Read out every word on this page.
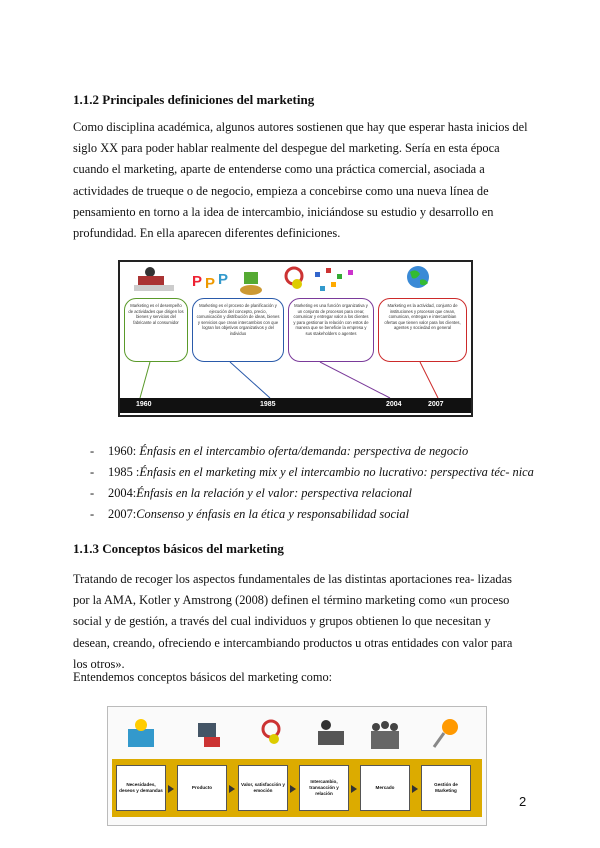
1.1.2 Principales definiciones del marketing

Como disciplina académica, algunos autores sostienen que hay que esperar hasta inicios del siglo XX para poder hablar realmente del despegue del marketing. Sería en esta época cuando el marketing, aparte de entenderse como una práctica comercial, asociada a actividades de trueque o de negocio, empieza a concebirse como una nueva línea de pensamiento en torno a la idea de intercambio, iniciándose su estudio y desarrollo en profundidad. En ella aparecen diferentes definiciones.

P P P
Marketing es el desempeño de actividades que dirigen los bienes y servicios del fabricante al consumidor
Marketing es el proceso de planificación y ejecución del concepto, precio, comunicación y distribución de ideas, bienes y servicios que crean intercambios con que logran los objetivos organizativos y del individuo
Marketing es una función organizativa y un conjunto de procesos para crear, comunicar y entregar valor a los clientes y para gestionar la relación con estos de manera que se beneficie la empresa y sus stakeholders o agentes
Marketing es la actividad, conjunto de instituciones y procesos que crean, comunican, entregan e intercambian ofertas que tienen valor para los clientes, agentes y sociedad en general
1960	1985	2004	2007
- 1960: Énfasis en el intercambio oferta/demanda: perspectiva de negocio
- 1985 :Énfasis en el marketing mix y el intercambio no lucrativo: perspectiva téc- nica
- 2004:Énfasis en la relación y el valor: perspectiva relacional
- 2007:Consenso y énfasis en la ética y responsabilidad social
1.1.3 Conceptos básicos del marketing

Tratando de recoger los aspectos fundamentales de las distintas aportaciones rea- lizadas por la AMA, Kotler y Amstrong (2008) definen el término marketing como «un proceso social y de gestión, a través del cual individuos y grupos obtienen lo que necesitan y desean, creando, ofreciendo e intercambiando productos u otras entidades con valor para los otros».

Entendemos conceptos básicos del marketing como:

Necesidades, deseos y demandas
Producto
Valor, satisfacción y emoción
Intercambio, transacción y relación
Mercado
Gestión de Marketing
2
